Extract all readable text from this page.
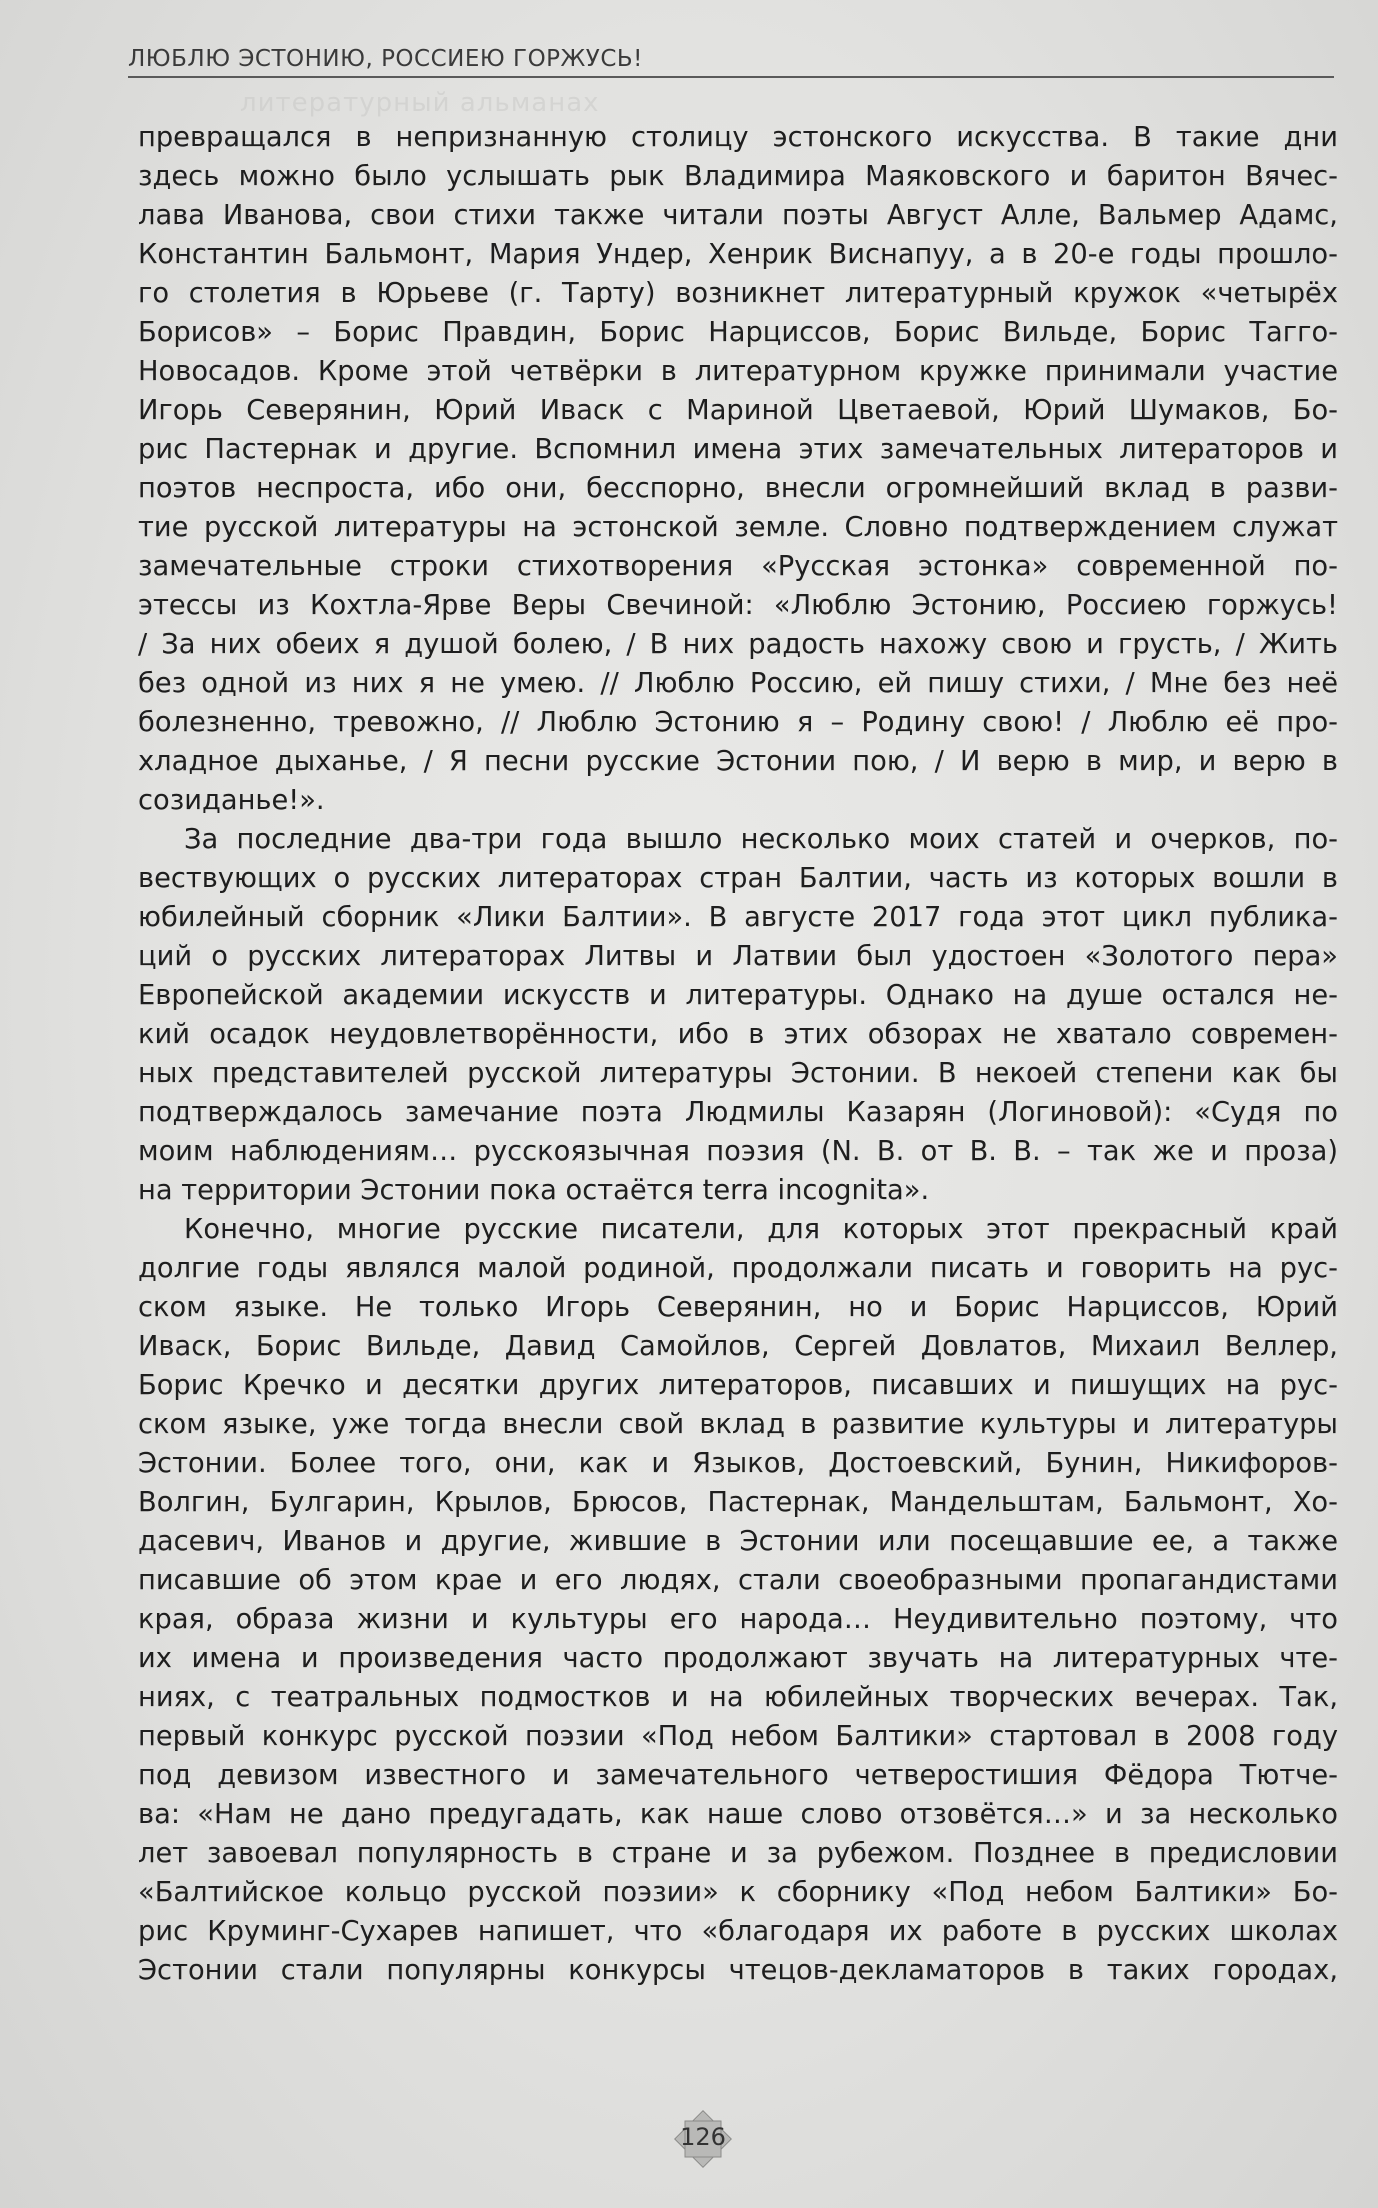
литературный альманах
ЛЮБЛЮ ЭСТОНИЮ, РОССИЕЮ ГОРЖУСЬ!
превращался в непризнанную столицу эстонского искусства. В такие дни
здесь можно было услышать рык Владимира Маяковского и баритон Вячес-
лава Иванова, свои стихи также читали поэты Август Алле, Вальмер Адамс,
Константин Бальмонт, Мария Ундер, Хенрик Виснапуу, а в 20-е годы прошло-
го столетия в Юрьеве (г. Тарту) возникнет литературный кружок «четырёх
Борисов» – Борис Правдин, Борис Нарциссов, Борис Вильде, Борис Тагго-
Новосадов. Кроме этой четвёрки в литературном кружке принимали участие
Игорь Северянин, Юрий Иваск с Мариной Цветаевой, Юрий Шумаков, Бо-
рис Пастернак и другие. Вспомнил имена этих замечательных литераторов и
поэтов неспроста, ибо они, бесспорно, внесли огромнейший вклад в разви-
тие русской литературы на эстонской земле. Словно подтверждением служат
замечательные строки стихотворения «Русская эстонка» современной по-
этессы из Кохтла-Ярве Веры Свечиной: «Люблю Эстонию, Россиею горжусь!
/ За них обеих я душой болею, / В них радость нахожу свою и грусть, / Жить
без одной из них я не умею. // Люблю Россию, ей пишу стихи, / Мне без неё
болезненно, тревожно, // Люблю Эстонию я – Родину свою! / Люблю её про-
хладное дыханье, / Я песни русские Эстонии пою, / И верю в мир, и верю в
созиданье!».
За последние два-три года вышло несколько моих статей и очерков, по-
вествующих о русских литераторах стран Балтии, часть из которых вошли в
юбилейный сборник «Лики Балтии». В августе 2017 года этот цикл публика-
ций о русских литераторах Литвы и Латвии был удостоен «Золотого пера»
Европейской академии искусств и литературы. Однако на душе остался не-
кий осадок неудовлетворённости, ибо в этих обзорах не хватало современ-
ных представителей русской литературы Эстонии. В некоей степени как бы
подтверждалось замечание поэта Людмилы Казарян (Логиновой): «Судя по
моим наблюдениям… русскоязычная поэзия (N. B. от В. В. – так же и проза)
на территории Эстонии пока остаётся terra incognita».
Конечно, многие русские писатели, для которых этот прекрасный край
долгие годы являлся малой родиной, продолжали писать и говорить на рус-
ском языке. Не только Игорь Северянин, но и Борис Нарциссов, Юрий
Иваск, Борис Вильде, Давид Самойлов, Сергей Довлатов, Михаил Веллер,
Борис Кречко и десятки других литераторов, писавших и пишущих на рус-
ском языке, уже тогда внесли свой вклад в развитие культуры и литературы
Эстонии. Более того, они, как и Языков, Достоевский, Бунин, Никифоров-
Волгин, Булгарин, Крылов, Брюсов, Пастернак, Мандельштам, Бальмонт, Хо-
дасевич, Иванов и другие, жившие в Эстонии или посещавшие ее, а также
писавшие об этом крае и его людях, стали своеобразными пропагандистами
края, образа жизни и культуры его народа… Неудивительно поэтому, что
их имена и произведения часто продолжают звучать на литературных чте-
ниях, с театральных подмостков и на юбилейных творческих вечерах. Так,
первый конкурс русской поэзии «Под небом Балтики» стартовал в 2008 году
под девизом известного и замечательного четверостишия Фёдора Тютче-
ва: «Нам не дано предугадать, как наше слово отзовётся…» и за несколько
лет завоевал популярность в стране и за рубежом. Позднее в предисловии
«Балтийское кольцо русской поэзии» к сборнику «Под небом Балтики» Бо-
рис Круминг-Сухарев напишет, что «благодаря их работе в русских школах
Эстонии стали популярны конкурсы чтецов-декламаторов в таких городах,
126
